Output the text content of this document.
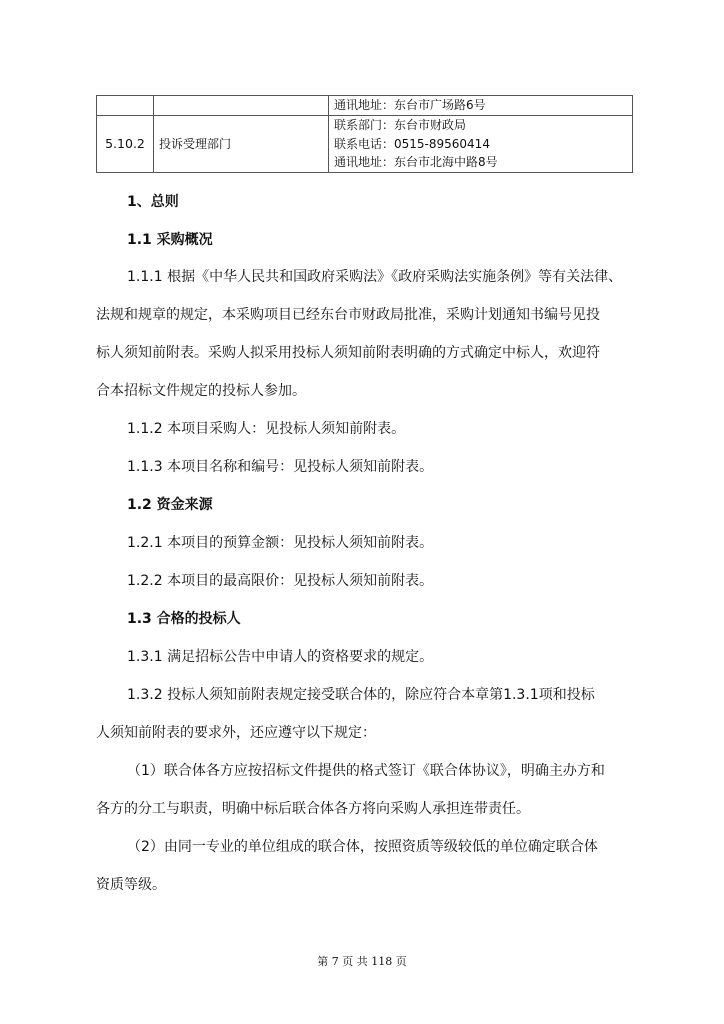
		通讯地址：东台市广场路6号

5.10.2	投诉受理部门	联系部门：东台市财政局
联系电话：0515-89560414
通讯地址：东台市北海中路8号
1、总则
1.1 采购概况
1.1.1 根据《中华人民共和国政府采购法》《政府采购法实施条例》等有关法律、
法规和规章的规定，本采购项目已经东台市财政局批准，采购计划通知书编号见投
标人须知前附表。采购人拟采用投标人须知前附表明确的方式确定中标人，欢迎符
合本招标文件规定的投标人参加。
1.1.2 本项目采购人：见投标人须知前附表。
1.1.3 本项目名称和编号：见投标人须知前附表。
1.2 资金来源
1.2.1 本项目的预算金额：见投标人须知前附表。
1.2.2 本项目的最高限价：见投标人须知前附表。
1.3 合格的投标人
1.3.1 满足招标公告中申请人的资格要求的规定。
1.3.2 投标人须知前附表规定接受联合体的，除应符合本章第1.3.1项和投标
人须知前附表的要求外，还应遵守以下规定：
（1）联合体各方应按招标文件提供的格式签订《联合体协议》，明确主办方和
各方的分工与职责，明确中标后联合体各方将向采购人承担连带责任。
（2）由同一专业的单位组成的联合体，按照资质等级较低的单位确定联合体
资质等级。
第 7 页 共 118 页
